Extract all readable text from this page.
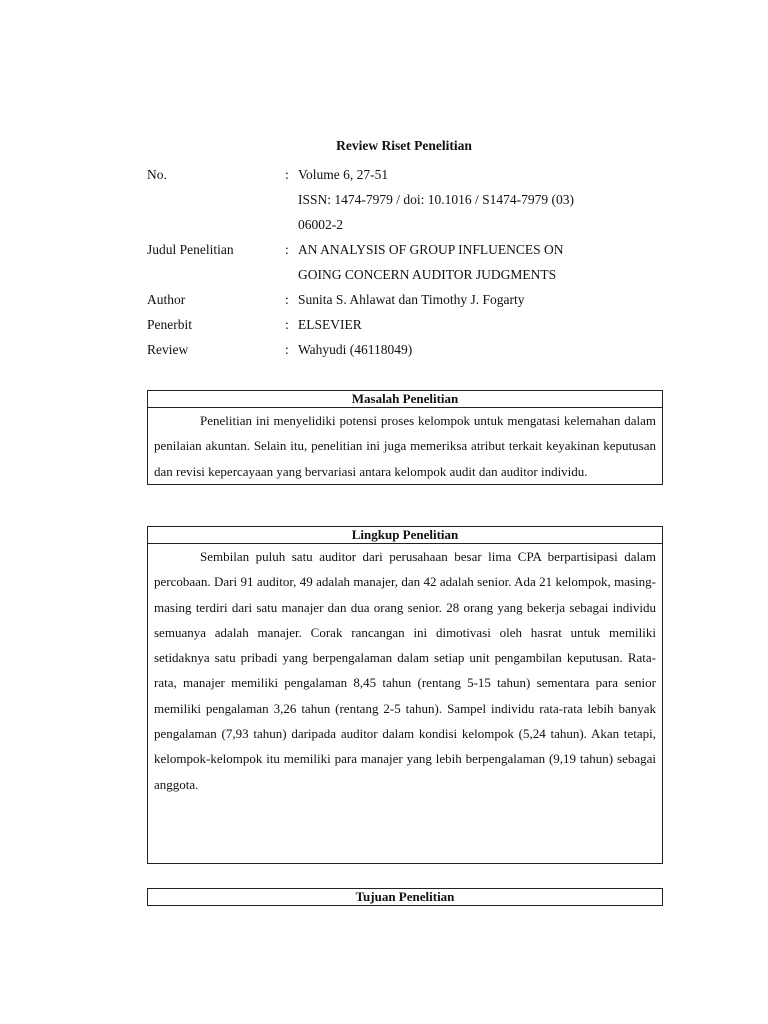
Review Riset Penelitian
No.	: Volume 6, 27-51
ISSN: 1474-7979 / doi: 10.1016 / S1474-7979 (03)
06002-2
Judul Penelitian	: AN ANALYSIS OF GROUP INFLUENCES ON
GOING CONCERN AUDITOR JUDGMENTS
Author	: Sunita S. Ahlawat dan Timothy J. Fogarty
Penerbit	: ELSEVIER
Review	: Wahyudi (46118049)
Masalah Penelitian
Penelitian ini menyelidiki potensi proses kelompok untuk mengatasi kelemahan dalam penilaian akuntan. Selain itu, penelitian ini juga memeriksa atribut terkait keyakinan keputusan dan revisi kepercayaan yang bervariasi antara kelompok audit dan auditor individu.
Lingkup Penelitian
Sembilan puluh satu auditor dari perusahaan besar lima CPA berpartisipasi dalam percobaan. Dari 91 auditor, 49 adalah manajer, dan 42 adalah senior. Ada 21 kelompok, masing-masing terdiri dari satu manajer dan dua orang senior. 28 orang yang bekerja sebagai individu semuanya adalah manajer. Corak rancangan ini dimotivasi oleh hasrat untuk memiliki setidaknya satu pribadi yang berpengalaman dalam setiap unit pengambilan keputusan. Rata-rata, manajer memiliki pengalaman 8,45 tahun (rentang 5-15 tahun) sementara para senior memiliki pengalaman 3,26 tahun (rentang 2-5 tahun). Sampel individu rata-rata lebih banyak pengalaman (7,93 tahun) daripada auditor dalam kondisi kelompok (5,24 tahun). Akan tetapi, kelompok-kelompok itu memiliki para manajer yang lebih berpengalaman (9,19 tahun) sebagai anggota.
Tujuan Penelitian
